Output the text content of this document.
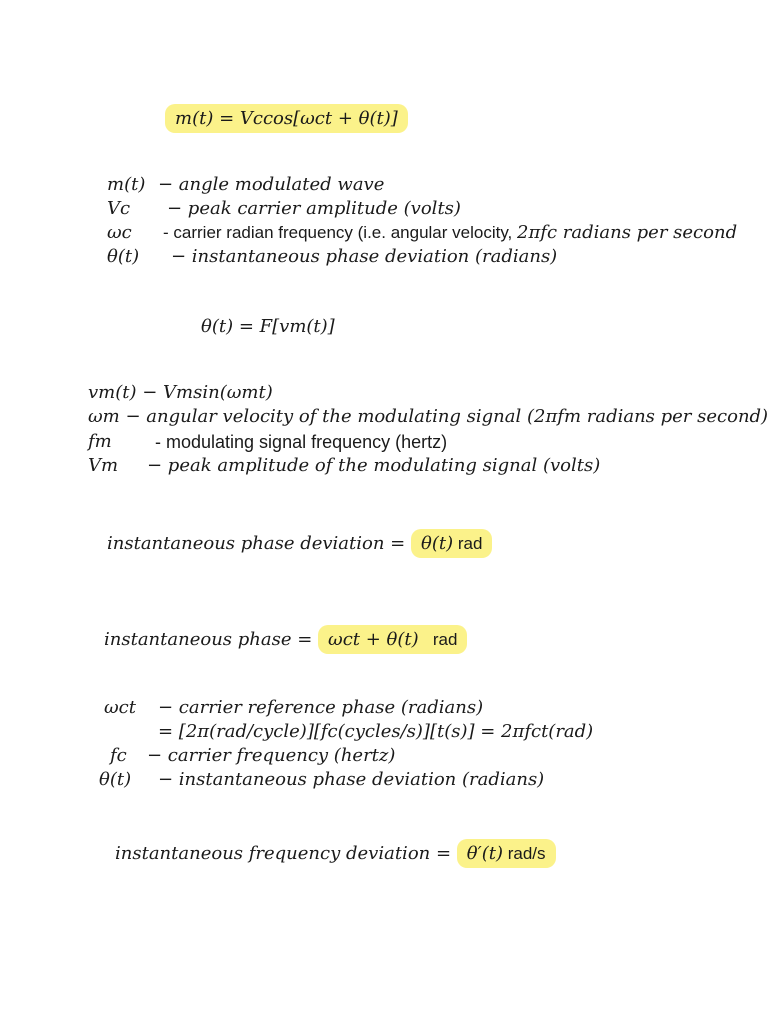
m(t) = V𝑐cos[ω𝑐t + θ(t)]
m(t) − angle modulated wave
V𝑐 − peak carrier amplitude (volts)
ω𝑐 - carrier radian frequency (i.e. angular velocity, 2πf𝑐 radians per second
θ(t) − instantaneous phase deviation (radians)
θ(t) = F[v𝑚(t)]
v𝑚(t) − V𝑚sin(ω𝑚t)
ω𝑚 − angular velocity of the modulating signal (2πf𝑚 radians per second)
f𝑚 - modulating signal frequency (hertz)
V𝑚 − peak amplitude of the modulating signal (volts)
instantaneous phase deviation = θ(t) rad
instantaneous phase = ω𝑐t + θ(t)   rad
ω𝑐t − carrier reference phase (radians)
= [2π(rad/cycle)][f𝑐(cycles/s)][t(s)] = 2πf𝑐t(rad)
f𝑐 − carrier frequency (hertz)
θ(t) − instantaneous phase deviation (radians)
instantaneous frequency deviation = θ′(t) rad/s
